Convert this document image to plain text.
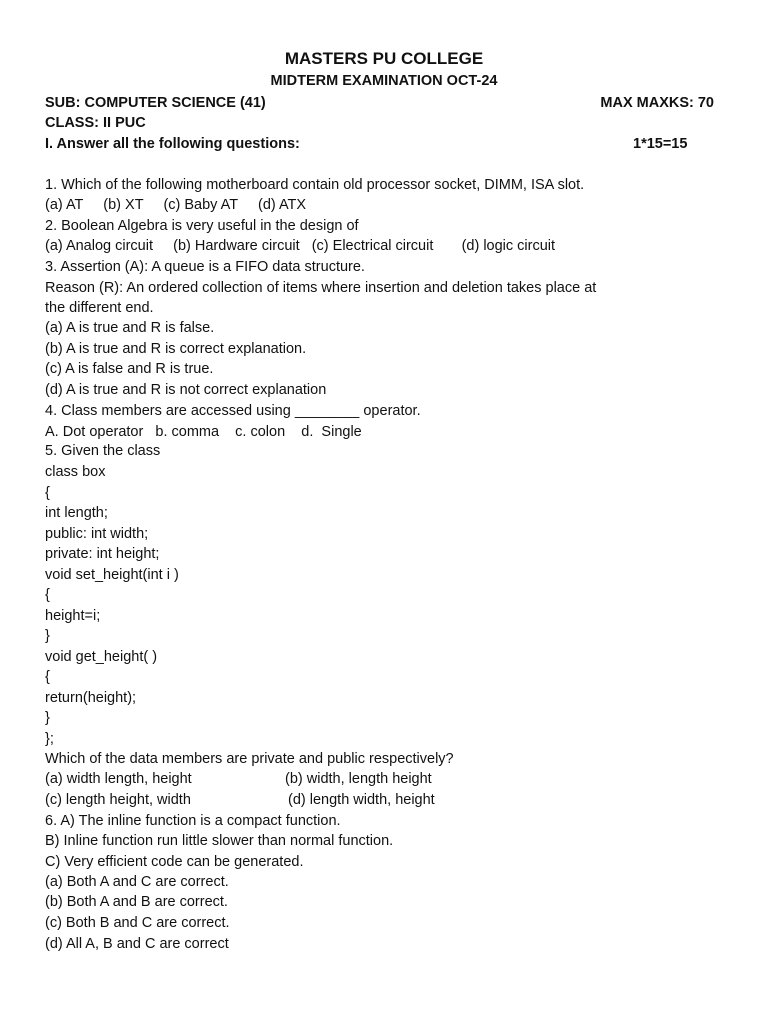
MASTERS PU COLLEGE
MIDTERM EXAMINATION OCT-24
SUB: COMPUTER SCIENCE (41)	MAX MAXKS: 70
CLASS: II PUC
I. Answer all the following questions:	1*15=15
1. Which of the following motherboard contain old processor socket, DIMM, ISA slot.
(a) AT     (b) XT     (c) Baby AT     (d) ATX
2. Boolean Algebra is very useful in the design of
(a) Analog circuit     (b) Hardware circuit   (c) Electrical circuit       (d) logic circuit
3. Assertion (A): A queue is a FIFO data structure.
Reason (R): An ordered collection of items where insertion and deletion takes place at
the different end.
(a) A is true and R is false.
(b) A is true and R is correct explanation.
(c) A is false and R is true.
(d) A is true and R is not correct explanation
4. Class members are accessed using ________ operator.
A. Dot operator   b. comma    c. colon    d.  Single
5. Given the class
class box
{
int length;
public: int width;
private: int height;
void set_height(int i )
{
height=i;
}
void get_height( )
{
return(height);
}
};
Which of the data members are private and public respectively?
(a) width length, height	(b) width, length height
(c) length height, width	(d) length width, height
6. A) The inline function is a compact function.
B) Inline function run little slower than normal function.
C) Very efficient code can be generated.
(a) Both A and C are correct.
(b) Both A and B are correct.
(c) Both B and C are correct.
(d) All A, B and C are correct
